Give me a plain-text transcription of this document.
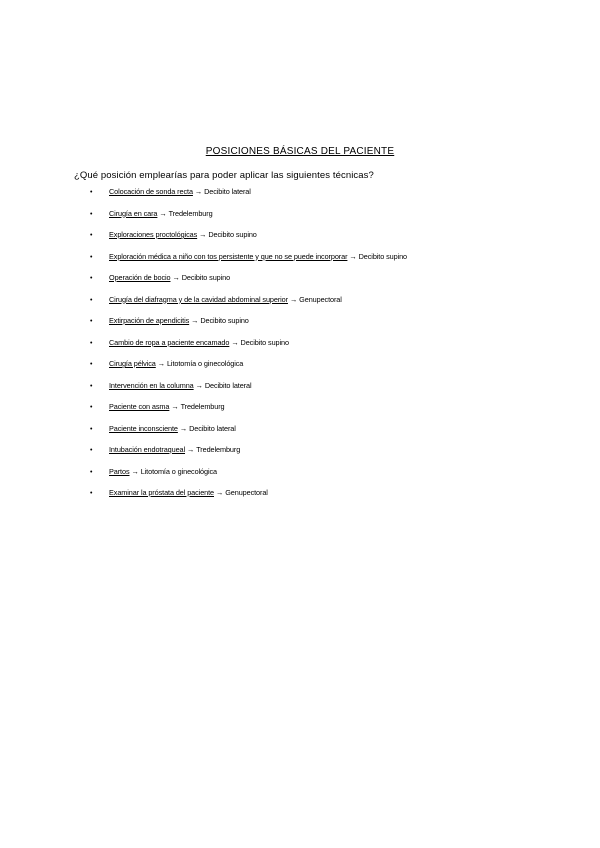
POSICIONES BÁSICAS DEL PACIENTE
¿Qué posición emplearías para poder aplicar las siguientes técnicas?
• Colocación de sonda recta → Decibito lateral
• Cirugía en cara → Tredelemburg
• Exploraciones proctológicas → Decibito supino
• Exploración médica a niño con tos persistente y que no se puede incorporar → Decibito supino
• Operación de bocio → Decibito supino
• Cirugía del diafragma y de la cavidad abdominal superior → Genupectoral
• Extirpación de apendicitis → Decibito supino
• Cambio de ropa a paciente encamado → Decibito supino
• Cirugía pélvica → Litotomía o ginecológica
• Intervención en la columna → Decibito lateral
• Paciente con asma → Tredelemburg
• Paciente inconsciente → Decibito lateral
• Intubación endotraqueal → Tredelemburg
• Partos → Litotomía o ginecológica
• Examinar la próstata del paciente → Genupectoral
